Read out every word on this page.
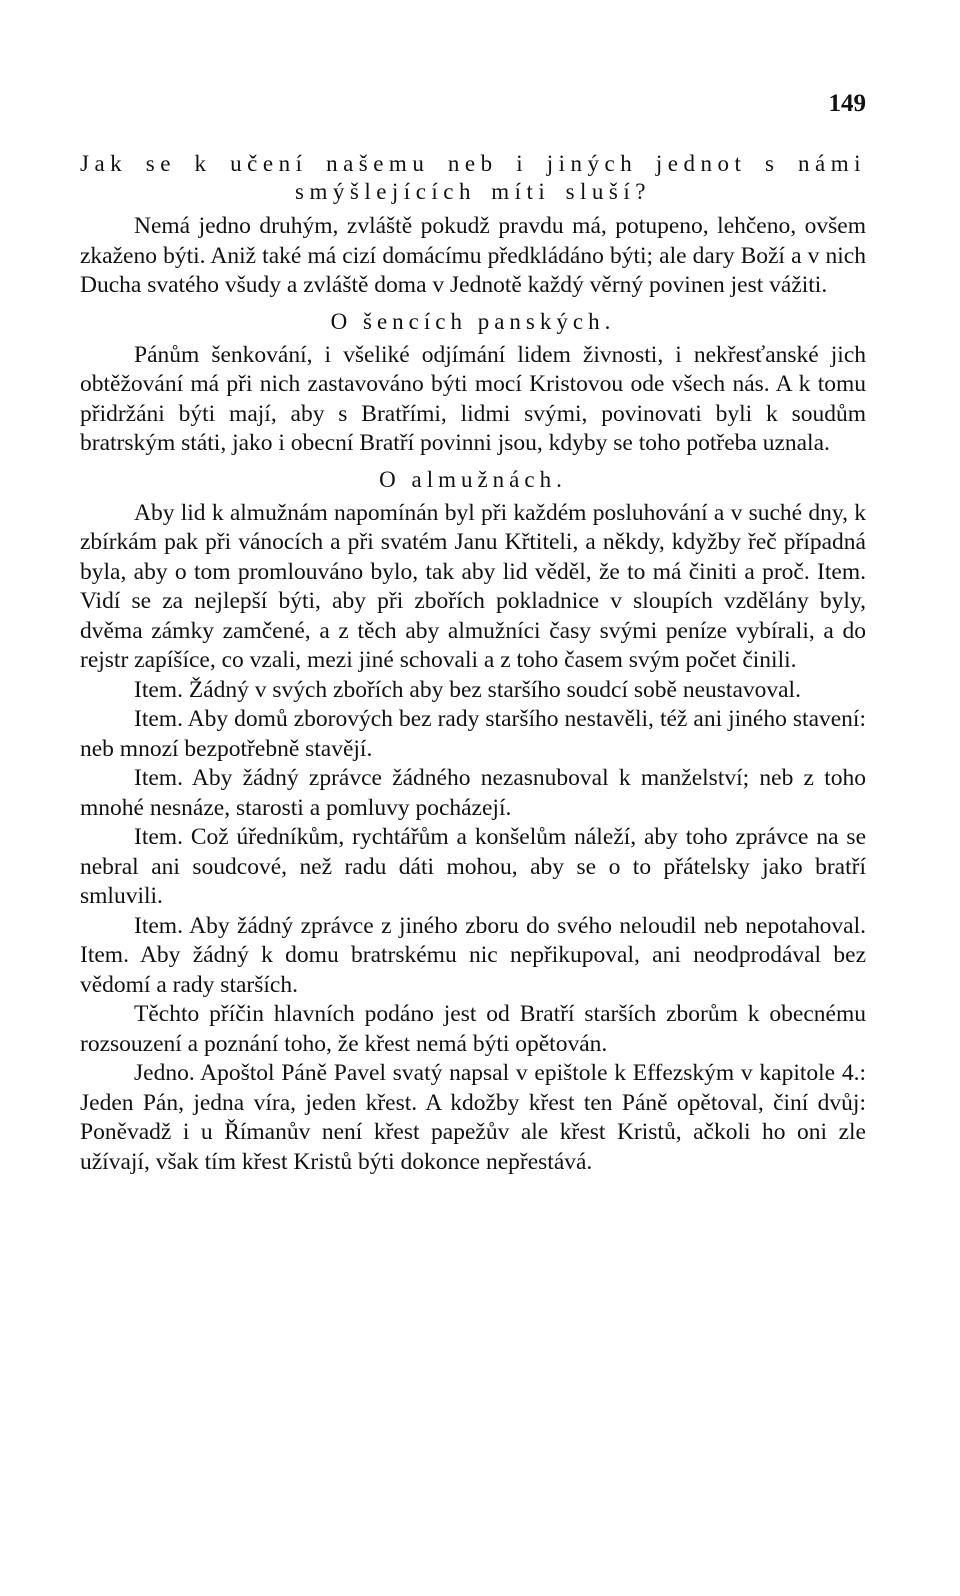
149
Jak se k učení našemu neb i jiných jednot s námi smýšlejících míti sluší?

Nemá jedno druhým, zvláště pokudž pravdu má, potupeno, lehčeno, ovšem zkaženo býti. Aniž také má cizí domácímu předkládáno býti; ale dary Boží a v nich Ducha svatého všudy a zvláště doma v Jednotě každý věrný povinen jest vážiti.

O šencích panských.

Pánům šenkování, i všeliké odjímání lidem živnosti, i nekřesťanské jich obtěžování má při nich zastavováno býti mocí Kristovou ode všech nás. A k tomu přidržáni býti mají, aby s Bratřími, lidmi svými, povinovati byli k soudům bratrským státi, jako i obecní Bratří povinni jsou, kdyby se toho potřeba uznala.

O almužnách.

Aby lid k almužnám napomínán byl při každém posluhování a v suché dny, k zbírkám pak při vánocích a při svatém Janu Křtiteli, a někdy, kdyžby řeč případná byla, aby o tom promlouváno bylo, tak aby lid věděl, že to má činiti a proč. Item. Vidí se za nejlepší býti, aby při zbořích pokladnice v sloupích vzdělány byly, dvěma zámky zamčené, a z těch aby almužníci časy svými peníze vybírali, a do rejstr zapíšíce, co vzali, mezi jiné schovali a z toho časem svým počet činili.

Item. Žádný v svých zbořích aby bez staršího soudcí sobě neustavoval.

Item. Aby domů zborových bez rady staršího nestavěli, též ani jiného stavení: neb mnozí bezpotřebně stavějí.

Item. Aby žádný zprávce žádného nezasnuboval k manželství; neb z toho mnohé nesnáze, starosti a pomluvy pocházejí.

Item. Což úředníkům, rychtářům a konšelům náleží, aby toho zprávce na se nebral ani soudcové, než radu dáti mohou, aby se o to přátelsky jako bratří smluvili.

Item. Aby žádný zprávce z jiného zboru do svého neloudil neb nepotahoval. Item. Aby žádný k domu bratrskému nic nepřikupoval, ani neodprodával bez vědomí a rady starších.

Těchto příčin hlavních podáno jest od Bratří starších zborům k obecnému rozsouzení a poznání toho, že křest nemá býti opětován.

Jedno. Apoštol Páně Pavel svatý napsal v epištole k Effezským v kapitole 4.: Jeden Pán, jedna víra, jeden křest. A kdožby křest ten Páně opětoval, činí dvůj: Poněvadž i u Římanův není křest papežův ale křest Kristů, ačkoli ho oni zle užívají, však tím křest Kristů býti dokonce nepřestává.
